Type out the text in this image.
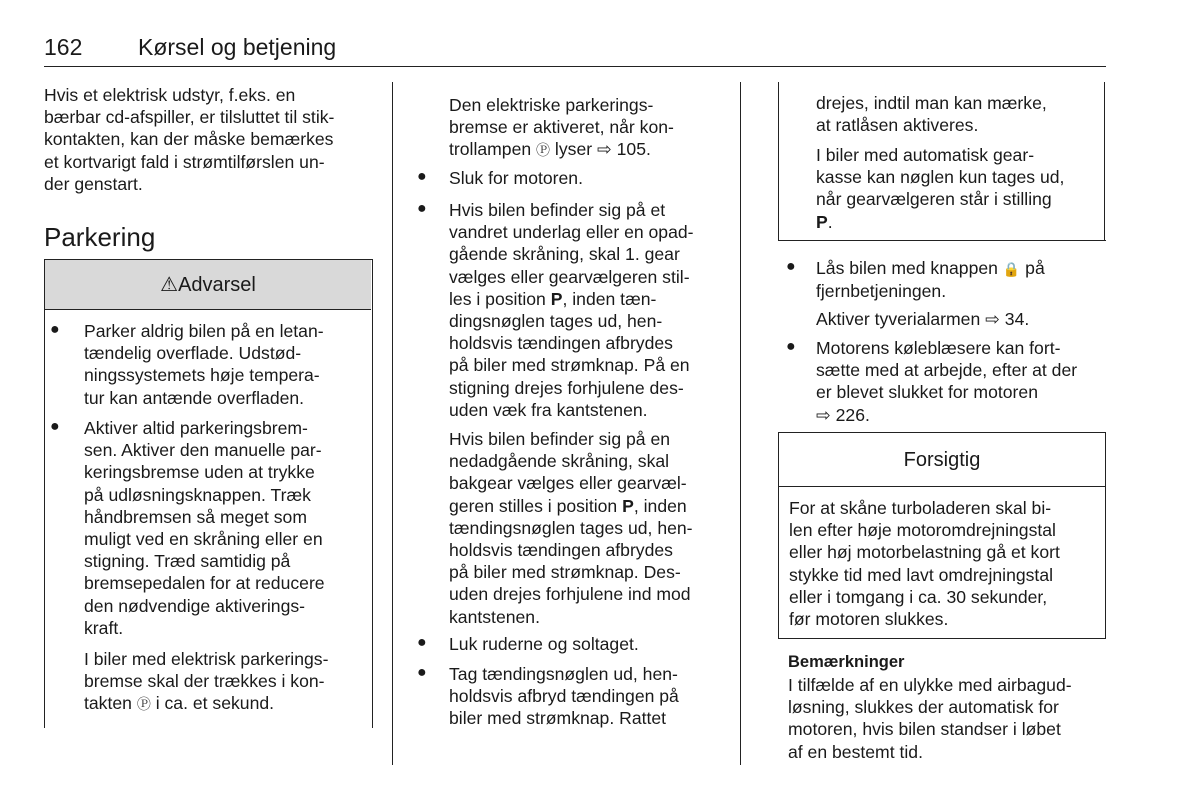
162 Kørsel og betjening
Hvis et elektrisk udstyr, f.eks. en
bærbar cd-afspiller, er tilsluttet til stik-
kontakten, kan der måske bemærkes
et kortvarigt fald i strømtilførslen un-
der genstart.
Parkering
⚠Advarsel
● Parker aldrig bilen på en letan-
tændelig overflade. Udstød-
ningssystemets høje tempera-
tur kan antænde overfladen.
● Aktiver altid parkeringsbrem-
sen. Aktiver den manuelle par-
keringsbremse uden at trykke
på udløsningsknappen. Træk
håndbremsen så meget som
muligt ved en skråning eller en
stigning. Træd samtidig på
bremsepedalen for at reducere
den nødvendige aktiverings-
kraft.
I biler med elektrisk parkerings-
bremse skal der trækkes i kon-
takten Ⓟ i ca. et sekund.
Den elektriske parkerings-
bremse er aktiveret, når kon-
trollampen Ⓟ lyser ⇨ 105.
● Sluk for motoren.
● Hvis bilen befinder sig på et
vandret underlag eller en opad-
gående skråning, skal 1. gear
vælges eller gearvælgeren stil-
les i position P, inden tæn-
dingsnøglen tages ud, hen-
holdsvis tændingen afbrydes
på biler med strømknap. På en
stigning drejes forhjulene des-
uden væk fra kantstenen.
Hvis bilen befinder sig på en
nedadgående skråning, skal
bakgear vælges eller gearvæl-
geren stilles i position P, inden
tændingsnøglen tages ud, hen-
holdsvis tændingen afbrydes
på biler med strømknap. Des-
uden drejes forhjulene ind mod
kantstenen.
● Luk ruderne og soltaget.
● Tag tændingsnøglen ud, hen-
holdsvis afbryd tændingen på
biler med strømknap. Rattet
drejes, indtil man kan mærke,
at ratlåsen aktiveres.
I biler med automatisk gear-
kasse kan nøglen kun tages ud,
når gearvælgeren står i stilling
P.
● Lås bilen med knappen 🔒 på
fjernbetjeningen.
Aktiver tyverialarmen ⇨ 34.
● Motorens køleblæsere kan fort-
sætte med at arbejde, efter at der
er blevet slukket for motoren
⇨ 226.
Forsigtig
For at skåne turboladeren skal bi-
len efter høje motoromdrejningstal
eller høj motorbelastning gå et kort
stykke tid med lavt omdrejningstal
eller i tomgang i ca. 30 sekunder,
før motoren slukkes.
Bemærkninger
I tilfælde af en ulykke med airbagud-
løsning, slukkes der automatisk for
motoren, hvis bilen standser i løbet
af en bestemt tid.
